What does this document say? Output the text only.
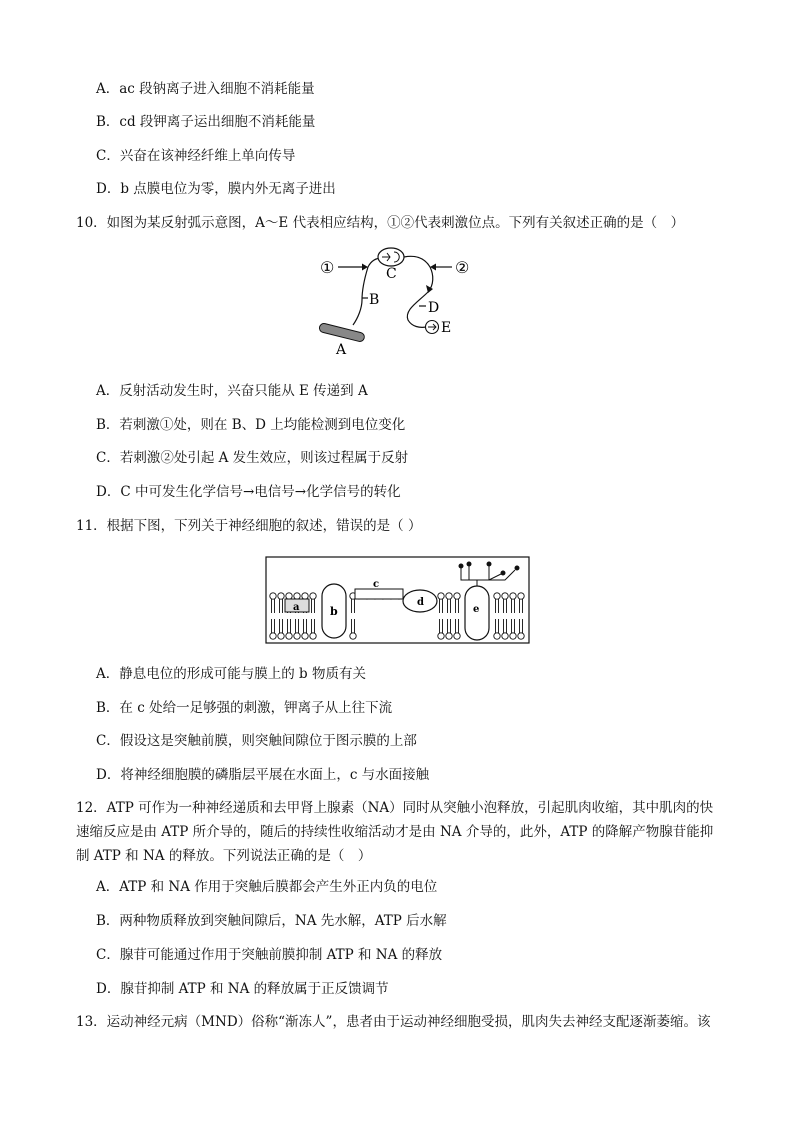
A．ac 段钠离子进入细胞不消耗能量
B．cd 段钾离子运出细胞不消耗能量
C．兴奋在该神经纤维上单向传导
D．b 点膜电位为零，膜内外无离子进出
10．如图为某反射弧示意图，A～E 代表相应结构，①②代表刺激位点。下列有关叙述正确的是（　）
①
B
A
C	②
D
E
A．反射活动发生时，兴奋只能从 E 传递到 A
B．若刺激①处，则在 B、D 上均能检测到电位变化
C．若刺激②处引起 A 发生效应，则该过程属于反射
D．C 中可发生化学信号→电信号→化学信号的转化
11．根据下图，下列关于神经细胞的叙述，错误的是（ ）
a	b
c
d
e
A．静息电位的形成可能与膜上的 b 物质有关
B．在 c 处给一足够强的刺激，钾离子从上往下流
C．假设这是突触前膜，则突触间隙位于图示膜的上部
D．将神经细胞膜的磷脂层平展在水面上，c 与水面接触
12．ATP 可作为一种神经递质和去甲肾上腺素（NA）同时从突触小泡释放，引起肌肉收缩，其中肌肉的快速缩反应是由 ATP 所介导的，随后的持续性收缩活动才是由 NA 介导的，此外，ATP 的降解产物腺苷能抑制 ATP 和 NA 的释放。下列说法正确的是（　）
A．ATP 和 NA 作用于突触后膜都会产生外正内负的电位
B．两种物质释放到突触间隙后，NA 先水解，ATP 后水解
C．腺苷可能通过作用于突触前膜抑制 ATP 和 NA 的释放
D．腺苷抑制 ATP 和 NA 的释放属于正反馈调节
13．运动神经元病（MND）俗称“渐冻人”，患者由于运动神经细胞受损，肌肉失去神经支配逐渐萎缩。该
